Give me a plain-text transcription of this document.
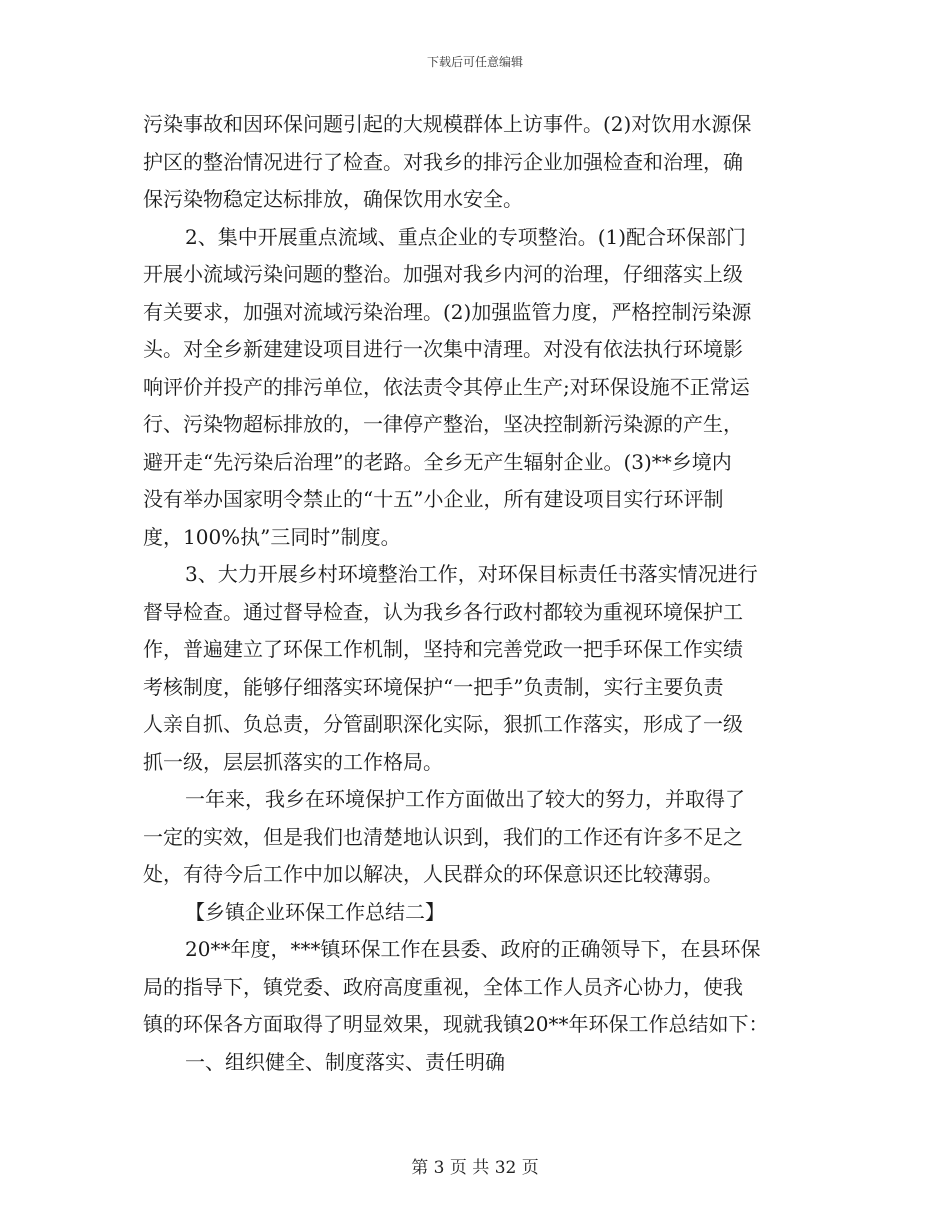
下载后可任意编辑
污染事故和因环保问题引起的大规模群体上访事件。(2)对饮用水源保
护区的整治情况进行了检查。对我乡的排污企业加强检查和治理，确
保污染物稳定达标排放，确保饮用水安全。
2、集中开展重点流域、重点企业的专项整治。(1)配合环保部门
开展小流域污染问题的整治。加强对我乡内河的治理，仔细落实上级
有关要求，加强对流域污染治理。(2)加强监管力度，严格控制污染源
头。对全乡新建建设项目进行一次集中清理。对没有依法执行环境影
响评价并投产的排污单位，依法责令其停止生产;对环保设施不正常运
行、污染物超标排放的，一律停产整治，坚决控制新污染源的产生，
避开走“先污染后治理”的老路。全乡无产生辐射企业。(3)**乡境内
没有举办国家明令禁止的“十五”小企业，所有建设项目实行环评制
度，100%执”三同时”制度。
3、大力开展乡村环境整治工作，对环保目标责任书落实情况进行
督导检查。通过督导检查，认为我乡各行政村都较为重视环境保护工
作，普遍建立了环保工作机制，坚持和完善党政一把手环保工作实绩
考核制度，能够仔细落实环境保护“一把手”负责制，实行主要负责
人亲自抓、负总责，分管副职深化实际，狠抓工作落实，形成了一级
抓一级，层层抓落实的工作格局。
一年来，我乡在环境保护工作方面做出了较大的努力，并取得了
一定的实效，但是我们也清楚地认识到，我们的工作还有许多不足之
处，有待今后工作中加以解决，人民群众的环保意识还比较薄弱。
【乡镇企业环保工作总结二】
20**年度，***镇环保工作在县委、政府的正确领导下，在县环保
局的指导下，镇党委、政府高度重视，全体工作人员齐心协力，使我
镇的环保各方面取得了明显效果，现就我镇20**年环保工作总结如下：
一、组织健全、制度落实、责任明确
第 3 页 共 32 页
